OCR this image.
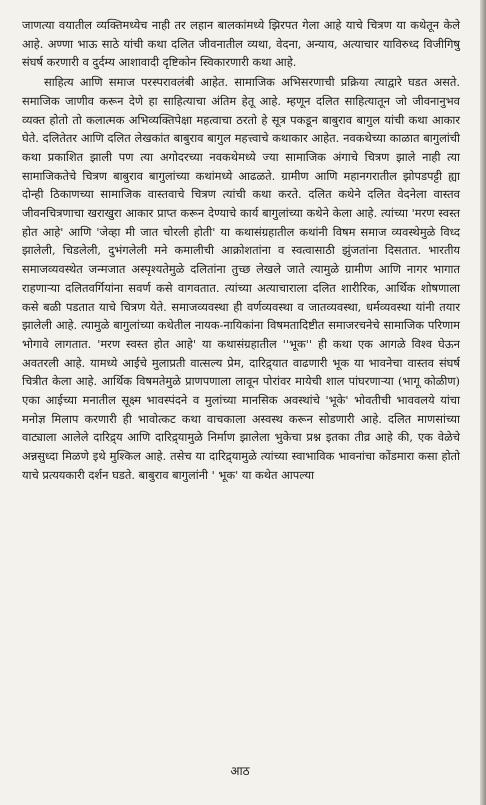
जाणत्या वयातील व्यक्तिमध्येच नाही तर लहान बालकांमध्ये झिरपत गेला आहे याचे चित्रण या कथेतून केले आहे. अण्णा भाऊ साठे यांची कथा दलित जीवनातील व्यथा, वेदना, अन्याय, अत्याचार याविरुध्द विजीगिषु संघर्ष करणारी व दुर्दम्य आशावादी दृष्टिकोन स्विकारणारी कथा आहे.

साहित्य आणि समाज परस्परावलंबी आहेत. सामाजिक अभिसरणाची प्रक्रिया त्याद्वारे घडत असते. समाजिक जाणीव करून देणे हा साहित्याचा अंतिम हेतू आहे. म्हणून दलित साहित्यातून जो जीवनानुभव व्यक्त होतो तो कलात्मक अभिव्यक्तिपेक्षा महत्वाचा ठरतो हे सूत्र पकडून बाबुराव बागुल यांची कथा आकार घेते. दलितेतर आणि दलित लेखकांत बाबुराव बागुल महत्त्वाचे कथाकार आहेत. नवकथेच्या काळात बागुलांची कथा प्रकाशित झाली पण त्या अगोदरच्या नवकथेमध्ये ज्या सामाजिक अंगाचे चित्रण झाले नाही त्या सामाजिकतेचे चित्रण बाबुराव बागुलांच्या कथांमध्ये आढळते. ग्रामीण आणि महानगरातील झोपडपट्टी ह्या दोन्ही ठिकाणच्या सामाजिक वास्तवाचे चित्रण त्यांची कथा करते. दलित कथेने दलित वेदनेला वास्तव जीवनचित्रणाचा खराखुरा आकार प्राप्त करून देण्याचे कार्य बागुलांच्या कथेने केला आहे. त्यांच्या 'मरण स्वस्त होत आहे' आणि 'जेव्हा मी जात चोरली होती' या कथासंग्रहातील कथांनी विषम समाज व्यवस्थेमुळे विध्द झालेली, चिडलेली, दुभंगलेली मने कमालीची आक्रोशतांना व स्वत्वासाठी झुंजतांना दिसतात. भारतीय समाजव्यवस्थेत जन्मजात अस्पृश्यतेमुळे दलितांना तुच्छ लेखले जाते त्यामुळे ग्रामीण आणि नागर भागात राहणाऱ्या दलितवर्गियांना सवर्ण कसे वागवतात. त्यांच्या अत्याचाराला दलित शारीरिक, आर्थिक शोषणाला कसे बळी पडतात याचे चित्रण येते. समाजव्यवस्था ही वर्णव्यवस्था व जातव्यवस्था, धर्मव्यवस्था यांनी तयार झालेली आहे. त्यामुळे बागुलांच्या कथेतील नायक-नायिकांना विषमतादिष्टीत समाजरचनेचे सामाजिक परिणाम भोगावे लागतात. 'मरण स्वस्त होत आहे' या कथासंग्रहातील ''भूक'' ही कथा एक आगळे विश्व घेऊन अवतरली आहे. यामध्ये आईचे मुलाप्रती वात्सल्य प्रेम, दारिद्र्यात वाढणारी भूक या भावनेचा वास्तव संघर्ष चित्रीत केला आहे. आर्थिक विषमतेमुळे प्राणपणाला लावून पोरांवर मायेची शाल पांघरणाऱ्या (भागू कोळीण) एका आईच्या मनातील सूक्ष्म भावस्पंदने व मुलांच्या मानसिक अवस्थांचे 'भूके' भोवतीची भाववलये यांचा मनोज्ञ मिलाप करणारी ही भावोत्कट कथा वाचकाला अस्वस्थ करून सोडणारी आहे. दलित माणसांच्या वाट्याला आलेले दारिद्र्य आणि दारिद्र्यामुळे निर्माण झालेला भुकेचा प्रश्न इतका तीव्र आहे की, एक वेळेचे अन्नसुध्दा मिळणे इथे मुश्किल आहे. तसेच या दारिद्र्यामुळे त्यांच्या स्वाभाविक भावनांचा कोंडमारा कसा होतो याचे प्रत्ययकारी दर्शन घडते. बाबुराव बागुलांनी ' भूक' या कथेत आपल्या

आठ
